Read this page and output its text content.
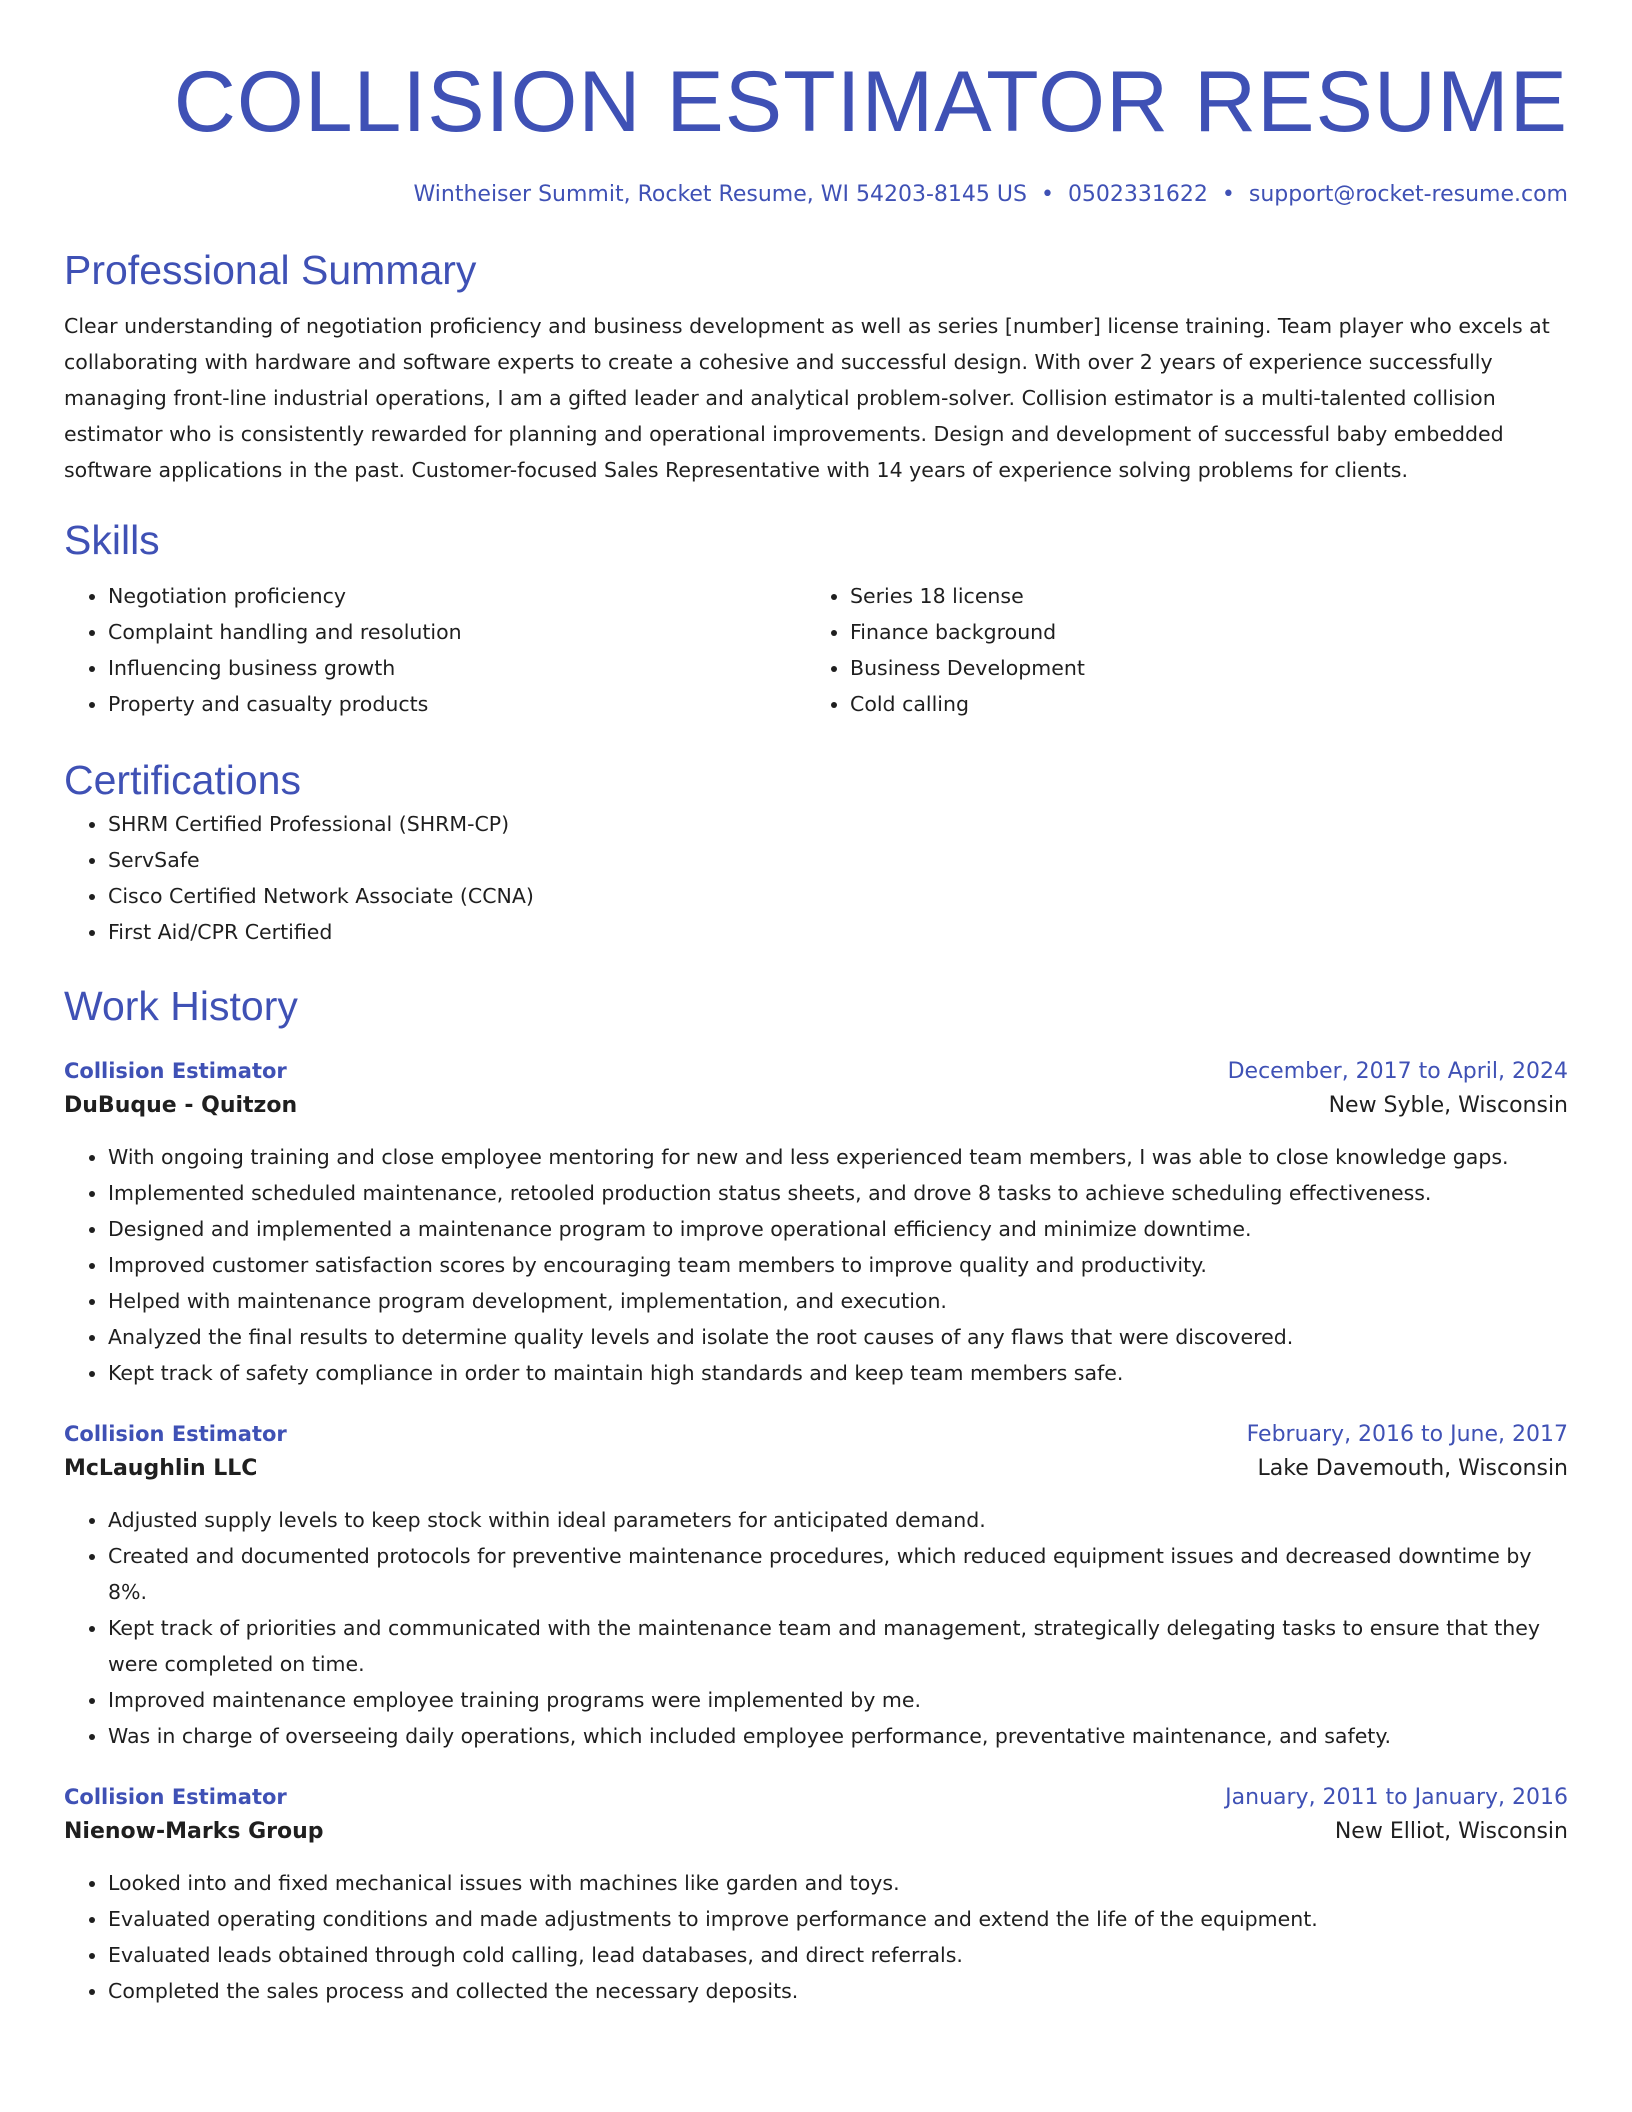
COLLISION ESTIMATOR RESUME
Wintheiser Summit, Rocket Resume, WI 54203-8145 US • 0502331622 • support@rocket-resume.com
Professional Summary

Clear understanding of negotiation proficiency and business development as well as series [number] license training. Team player who excels at collaborating with hardware and software experts to create a cohesive and successful design. With over 2 years of experience successfully managing front-line industrial operations, I am a gifted leader and analytical problem-solver. Collision estimator is a multi-talented collision estimator who is consistently rewarded for planning and operational improvements. Design and development of successful baby embedded software applications in the past. Customer-focused Sales Representative with 14 years of experience solving problems for clients.

Skills
• Negotiation proficiency
• Complaint handling and resolution
• Influencing business growth
• Property and casualty products
• Series 18 license
• Finance background
• Business Development
• Cold calling
Certifications
• SHRM Certified Professional (SHRM-CP)
• ServSafe
• Cisco Certified Network Associate (CCNA)
• First Aid/CPR Certified
Work History
Collision Estimator	December, 2017 to April, 2024
DuBuque - Quitzon	New Syble, Wisconsin
• With ongoing training and close employee mentoring for new and less experienced team members, I was able to close knowledge gaps.
• Implemented scheduled maintenance, retooled production status sheets, and drove 8 tasks to achieve scheduling effectiveness.
• Designed and implemented a maintenance program to improve operational efficiency and minimize downtime.
• Improved customer satisfaction scores by encouraging team members to improve quality and productivity.
• Helped with maintenance program development, implementation, and execution.
• Analyzed the final results to determine quality levels and isolate the root causes of any flaws that were discovered.
• Kept track of safety compliance in order to maintain high standards and keep team members safe.
Collision Estimator	February, 2016 to June, 2017
McLaughlin LLC	Lake Davemouth, Wisconsin
• Adjusted supply levels to keep stock within ideal parameters for anticipated demand.
• Created and documented protocols for preventive maintenance procedures, which reduced equipment issues and decreased downtime by 8%.
• Kept track of priorities and communicated with the maintenance team and management, strategically delegating tasks to ensure that they were completed on time.
• Improved maintenance employee training programs were implemented by me.
• Was in charge of overseeing daily operations, which included employee performance, preventative maintenance, and safety.
Collision Estimator	January, 2011 to January, 2016
Nienow-Marks Group	New Elliot, Wisconsin
• Looked into and fixed mechanical issues with machines like garden and toys.
• Evaluated operating conditions and made adjustments to improve performance and extend the life of the equipment.
• Evaluated leads obtained through cold calling, lead databases, and direct referrals.
• Completed the sales process and collected the necessary deposits.
